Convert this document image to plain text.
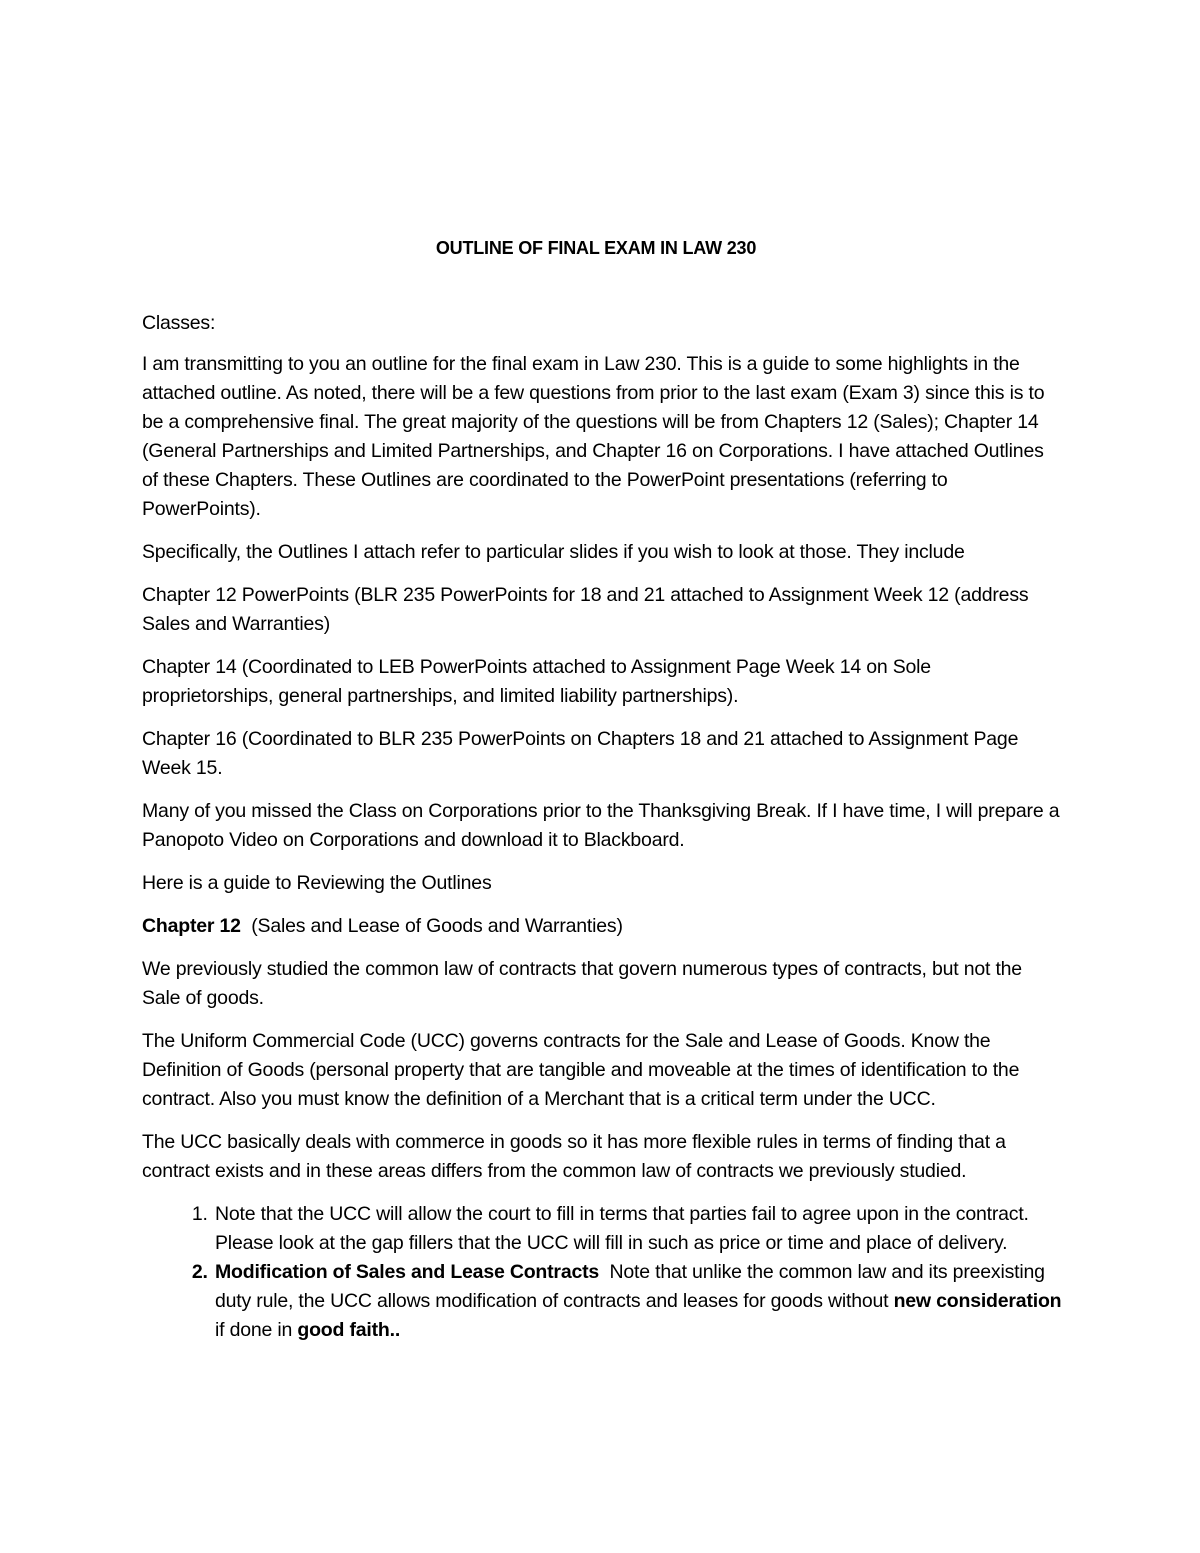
OUTLINE OF FINAL EXAM IN LAW 230

Classes:

I am transmitting to you an outline for the final exam in Law 230. This is a guide to some highlights in the attached outline. As noted, there will be a few questions from prior to the last exam (Exam 3) since this is to be a comprehensive final. The great majority of the questions will be from Chapters 12 (Sales); Chapter 14 (General Partnerships and Limited Partnerships, and Chapter 16 on Corporations. I have attached Outlines of these Chapters. These Outlines are coordinated to the PowerPoint presentations (referring to PowerPoints).

Specifically, the Outlines I attach refer to particular slides if you wish to look at those. They include

Chapter 12 PowerPoints (BLR 235 PowerPoints for 18 and 21 attached to Assignment Week 12 (address Sales and Warranties)

Chapter 14 (Coordinated to LEB PowerPoints attached to Assignment Page Week 14 on Sole proprietorships, general partnerships, and limited liability partnerships).

Chapter 16 (Coordinated to BLR 235 PowerPoints on Chapters 18 and 21 attached to Assignment Page Week 15.

Many of you missed the Class on Corporations prior to the Thanksgiving Break. If I have time, I will prepare a Panopoto Video on Corporations and download it to Blackboard.

Here is a guide to Reviewing the Outlines

Chapter 12  (Sales and Lease of Goods and Warranties)

We previously studied the common law of contracts that govern numerous types of contracts, but not the Sale of goods.

The Uniform Commercial Code (UCC) governs contracts for the Sale and Lease of Goods. Know the Definition of Goods (personal property that are tangible and moveable at the times of identification to the contract. Also you must know the definition of a Merchant that is a critical term under the UCC.

The UCC basically deals with commerce in goods so it has more flexible rules in terms of finding that a contract exists and in these areas differs from the common law of contracts we previously studied.

1. Note that the UCC will allow the court to fill in terms that parties fail to agree upon in the contract. Please look at the gap fillers that the UCC will fill in such as price or time and place of delivery.
2. Modification of Sales and Lease Contracts  Note that unlike the common law and its preexisting duty rule, the UCC allows modification of contracts and leases for goods without new consideration  if done in good faith..
